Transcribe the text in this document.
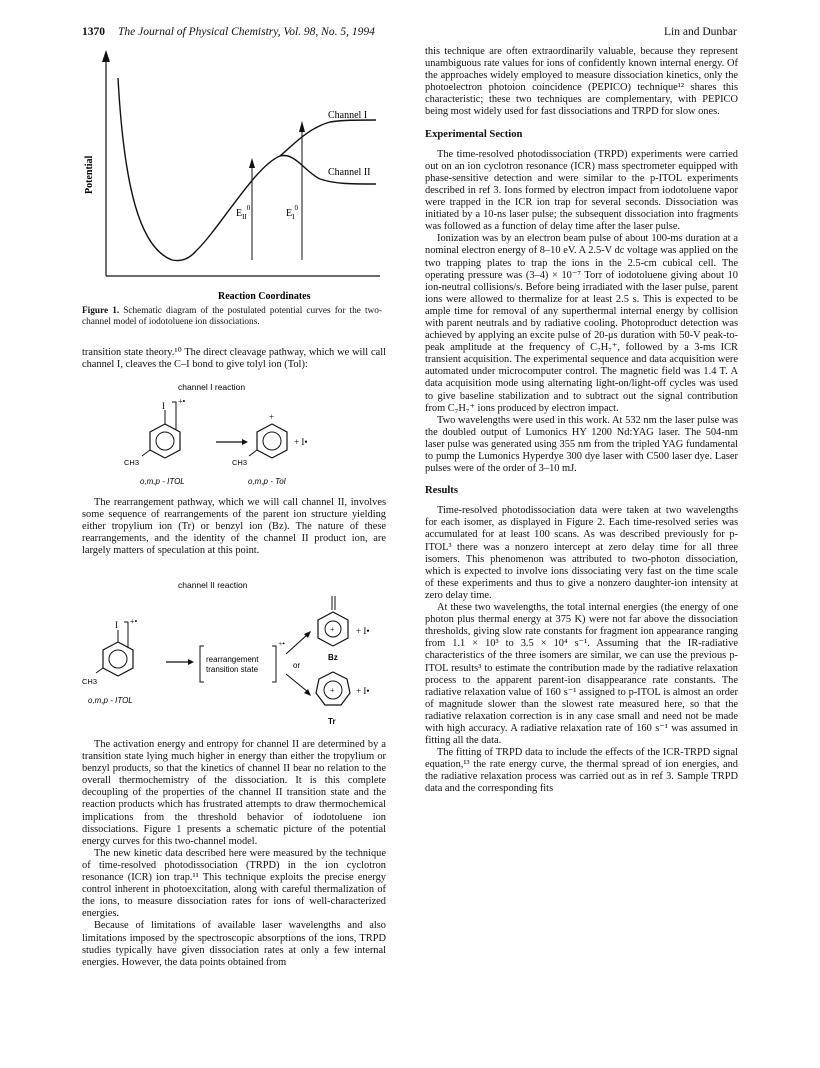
1370 The Journal of Physical Chemistry, Vol. 98, No. 5, 1994	Lin and Dunbar
Potential
Channel I
Channel II
$E_{II}^0$	$E_I^0$
Reaction Coordinates
Figure 1. Schematic diagram of the postulated potential curves for the two-channel model of iodotoluene ion dissociations.

transition state theory.¹⁰ The direct cleavage pathway, which we will call channel I, cleaves the C–I bond to give tolyl ion (Tol):

channel I reaction
I +•
CH3
o,m,p - ITOL
+
CH3
+ I•
o,m,p - Tol

The rearrangement pathway, which we will call channel II, involves some sequence of rearrangements of the parent ion structure yielding either tropylium ion (Tr) or benzyl ion (Bz). The nature of these rearrangements, and the identity of the channel II product ion, are largely matters of speculation at this point.

channel II reaction
I +•
CH3
o,m,p - ITOL
rearrangement
transition state
+•
or
+ + I•
Bz
+ + I•
Tr

The activation energy and entropy for channel II are determined by a transition state lying much higher in energy than either the tropylium or benzyl products, so that the kinetics of channel II bear no relation to the overall thermochemistry of the dissociation. It is this complete decoupling of the properties of the channel II transition state and the reaction products which has frustrated attempts to draw thermochemical implications from the threshold behavior of iodotoluene ion dissociations. Figure 1 presents a schematic picture of the potential energy curves for this two-channel model.

The new kinetic data described here were measured by the technique of time-resolved photodissociation (TRPD) in the ion cyclotron resonance (ICR) ion trap.¹¹ This technique exploits the precise energy control inherent in photoexcitation, along with careful thermalization of the ions, to measure dissociation rates for ions of well-characterized energies.

Because of limitations of available laser wavelengths and also limitations imposed by the spectroscopic absorptions of the ions, TRPD studies typically have given dissociation rates at only a few internal energies. However, the data points obtained from

this technique are often extraordinarily valuable, because they represent unambiguous rate values for ions of confidently known internal energy. Of the approaches widely employed to measure dissociation kinetics, only the photoelectron photoion coincidence (PEPICO) technique¹² shares this characteristic; these two techniques are complementary, with PEPICO being most widely used for fast dissociations and TRPD for slow ones.

Experimental Section

The time-resolved photodissociation (TRPD) experiments were carried out on an ion cyclotron resonance (ICR) mass spectrometer equipped with phase-sensitive detection and were similar to the p-ITOL experiments described in ref 3. Ions formed by electron impact from iodotoluene vapor were trapped in the ICR ion trap for several seconds. Dissociation was initiated by a 10-ns laser pulse; the subsequent dissociation into fragments was followed as a function of delay time after the laser pulse.

Ionization was by an electron beam pulse of about 100-ms duration at a nominal electron energy of 8–10 eV. A 2.5-V dc voltage was applied on the two trapping plates to trap the ions in the 2.5-cm cubical cell. The operating pressure was (3–4) × 10⁻⁷ Torr of iodotoluene giving about 10 ion-neutral collisions/s. Before being irradiated with the laser pulse, parent ions were allowed to thermalize for at least 2.5 s. This is expected to be ample time for removal of any superthermal internal energy by collision with parent neutrals and by radiative cooling. Photoproduct detection was achieved by applying an excite pulse of 20-μs duration with 50-V peak-to-peak amplitude at the frequency of C₇H₇⁺, followed by a 3-ms ICR transient acquisition. The experimental sequence and data acquisition were automated under microcomputer control. The magnetic field was 1.4 T. A data acquisition mode using alternating light-on/light-off cycles was used to give baseline stabilization and to subtract out the signal contribution from C₇H₇⁺ ions produced by electron impact.

Two wavelengths were used in this work. At 532 nm the laser pulse was the doubled output of Lumonics HY 1200 Nd:YAG laser. The 504-nm laser pulse was generated using 355 nm from the tripled YAG fundamental to pump the Lumonics Hyperdye 300 dye laser with C500 laser dye. Laser pulses were of the order of 3–10 mJ.

Results

Time-resolved photodissociation data were taken at two wavelengths for each isomer, as displayed in Figure 2. Each time-resolved series was accumulated for at least 100 scans. As was described previously for p-ITOL³ there was a nonzero intercept at zero delay time for all three isomers. This phenomenon was attributed to two-photon dissociation, which is expected to involve ions dissociating very fast on the time scale of these experiments and thus to give a nonzero daughter-ion intensity at zero delay time.

At these two wavelengths, the total internal energies (the energy of one photon plus thermal energy at 375 K) were not far above the dissociation thresholds, giving slow rate constants for fragment ion appearance ranging from 1.1 × 10³ to 3.5 × 10⁴ s⁻¹. Assuming that the IR-radiative characteristics of the three isomers are similar, we can use the previous p-ITOL results³ to estimate the contribution made by the radiative relaxation process to the apparent parent-ion disappearance rate constants. The radiative relaxation value of 160 s⁻¹ assigned to p-ITOL is almost an order of magnitude slower than the slowest rate measured here, so that the radiative relaxation correction is in any case small and need not be made with high accuracy. A radiative relaxation rate of 160 s⁻¹ was assumed in fitting all the data.

The fitting of TRPD data to include the effects of the ICR-TRPD signal equation,¹³ the rate energy curve, the thermal spread of ion energies, and the radiative relaxation process was carried out as in ref 3. Sample TRPD data and the corresponding fits
